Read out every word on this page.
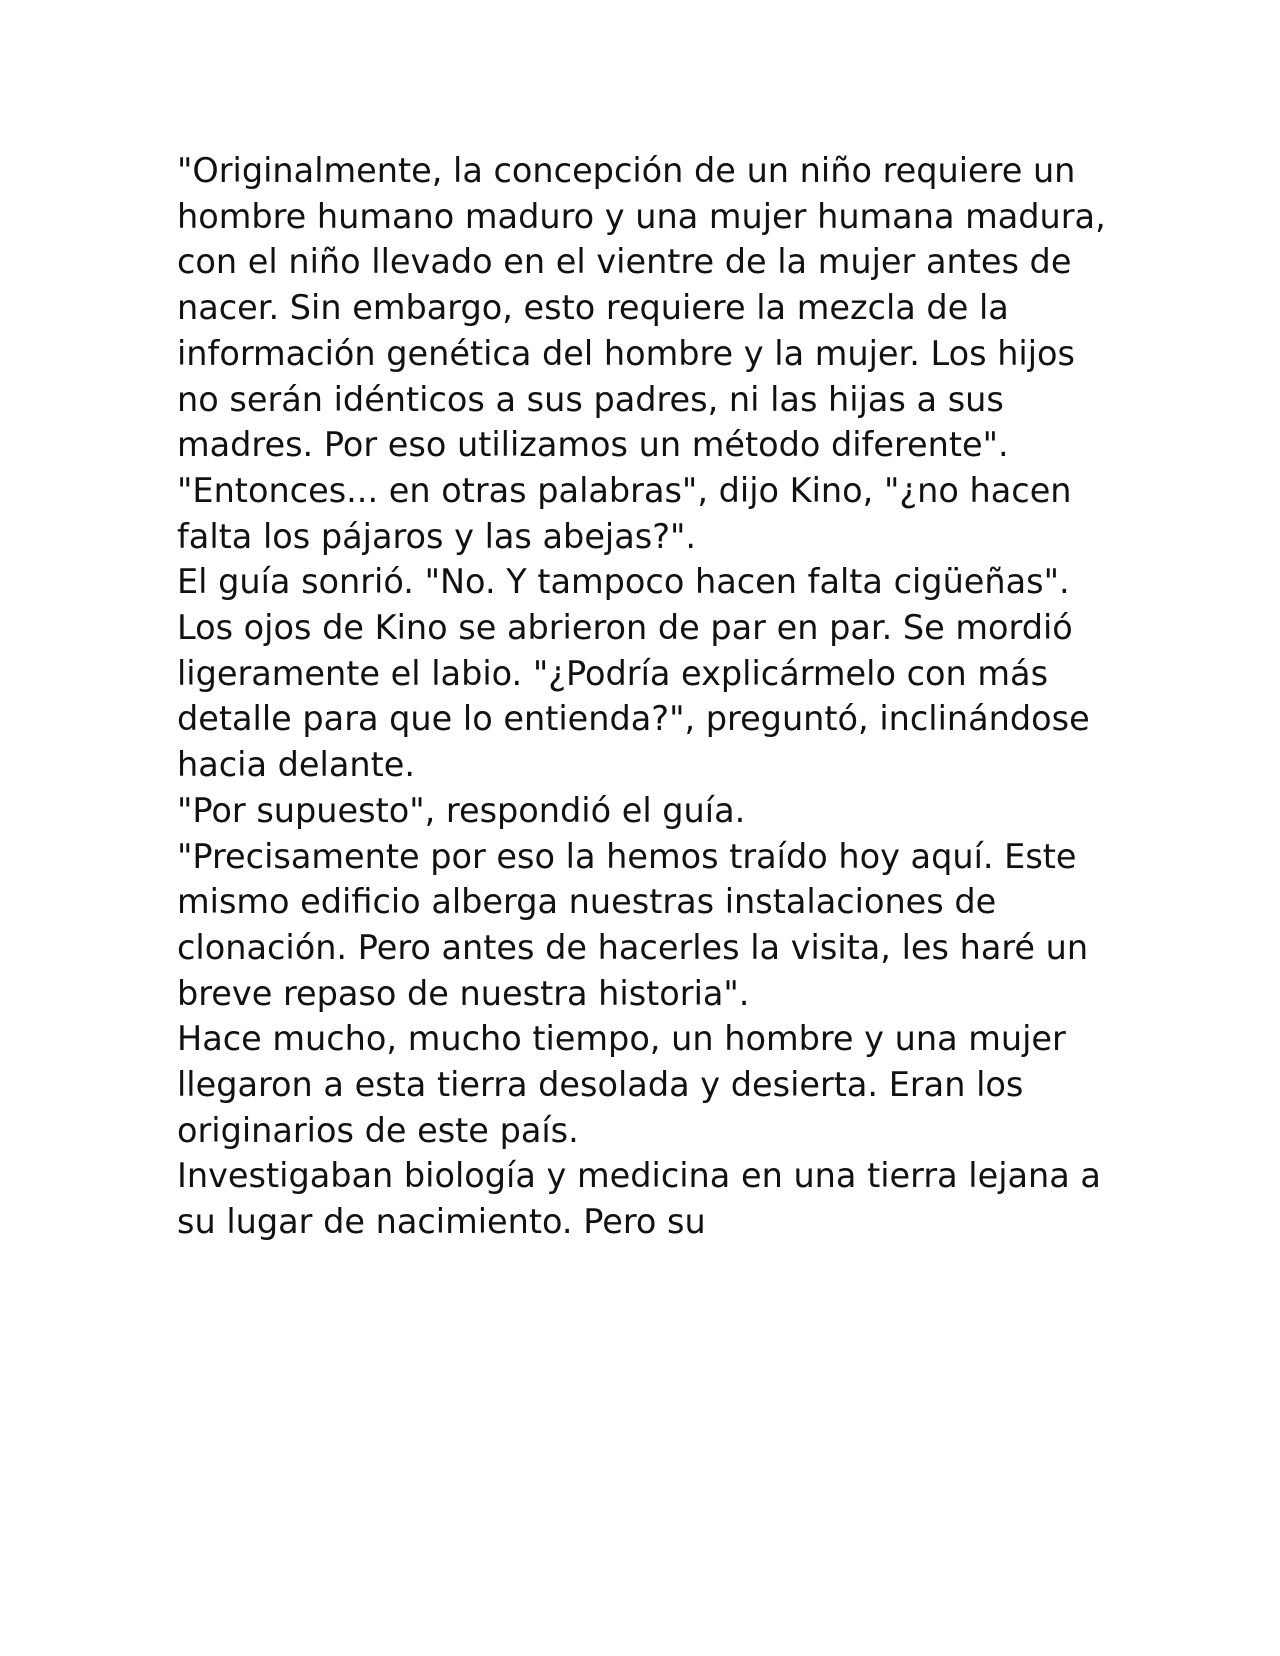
"Originalmente, la concepción de un niño requiere un hombre humano maduro y una mujer humana madura, con el niño llevado en el vientre de la mujer antes de nacer. Sin embargo, esto requiere la mezcla de la información genética del hombre y la mujer. Los hijos no serán idénticos a sus padres, ni las hijas a sus madres. Por eso utilizamos un método diferente".

"Entonces... en otras palabras", dijo Kino, "¿no hacen falta los pájaros y las abejas?".

El guía sonrió. "No. Y tampoco hacen falta cigüeñas".

Los ojos de Kino se abrieron de par en par. Se mordió ligeramente el labio. "¿Podría explicármelo con más detalle para que lo entienda?", preguntó, inclinándose hacia delante.

"Por supuesto", respondió el guía.

"Precisamente por eso la hemos traído hoy aquí. Este mismo edificio alberga nuestras instalaciones de clonación. Pero antes de hacerles la visita, les haré un breve repaso de nuestra historia".

Hace mucho, mucho tiempo, un hombre y una mujer llegaron a esta tierra desolada y desierta. Eran los originarios de este país.

Investigaban biología y medicina en una tierra lejana a su lugar de nacimiento. Pero su
